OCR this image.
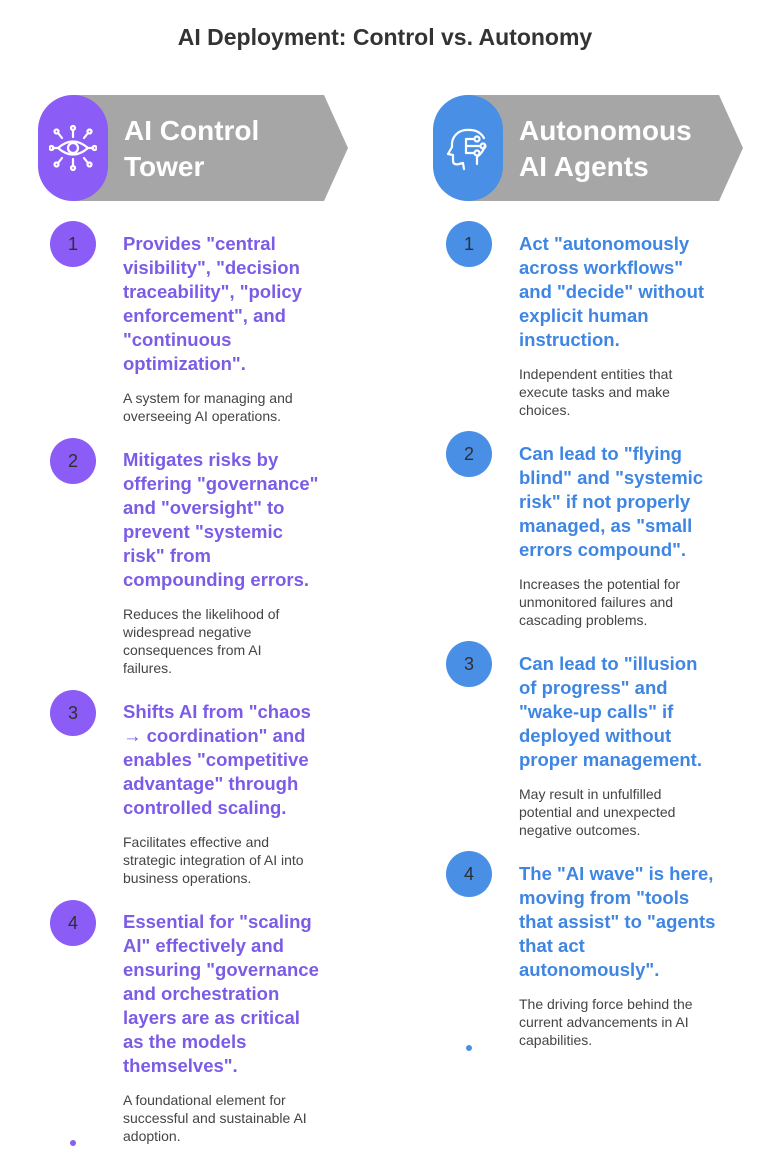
AI Deployment: Control vs. Autonomy
AI Control
Tower
Autonomous
AI Agents
1 Provides "central
visibility", "decision
traceability", "policy
enforcement", and
"continuous
optimization".
A system for managing and
overseeing AI operations.
2 Mitigates risks by
offering "governance"
and "oversight" to
prevent "systemic
risk" from
compounding errors.
Reduces the likelihood of
widespread negative
consequences from AI
failures.
3 Shifts AI from "chaos
→ coordination" and
enables "competitive
advantage" through
controlled scaling.
Facilitates effective and
strategic integration of AI into
business operations.
4 Essential for "scaling
AI" effectively and
ensuring "governance
and orchestration
layers are as critical
as the models
themselves".
A foundational element for
successful and sustainable AI
adoption.
1 Act "autonomously
across workflows"
and "decide" without
explicit human
instruction.
Independent entities that
execute tasks and make
choices.
2 Can lead to "flying
blind" and "systemic
risk" if not properly
managed, as "small
errors compound".
Increases the potential for
unmonitored failures and
cascading problems.
3 Can lead to "illusion
of progress" and
"wake-up calls" if
deployed without
proper management.
May result in unfulfilled
potential and unexpected
negative outcomes.
4 The "AI wave" is here,
moving from "tools
that assist" to "agents
that act
autonomously".
The driving force behind the
current advancements in AI
capabilities.
